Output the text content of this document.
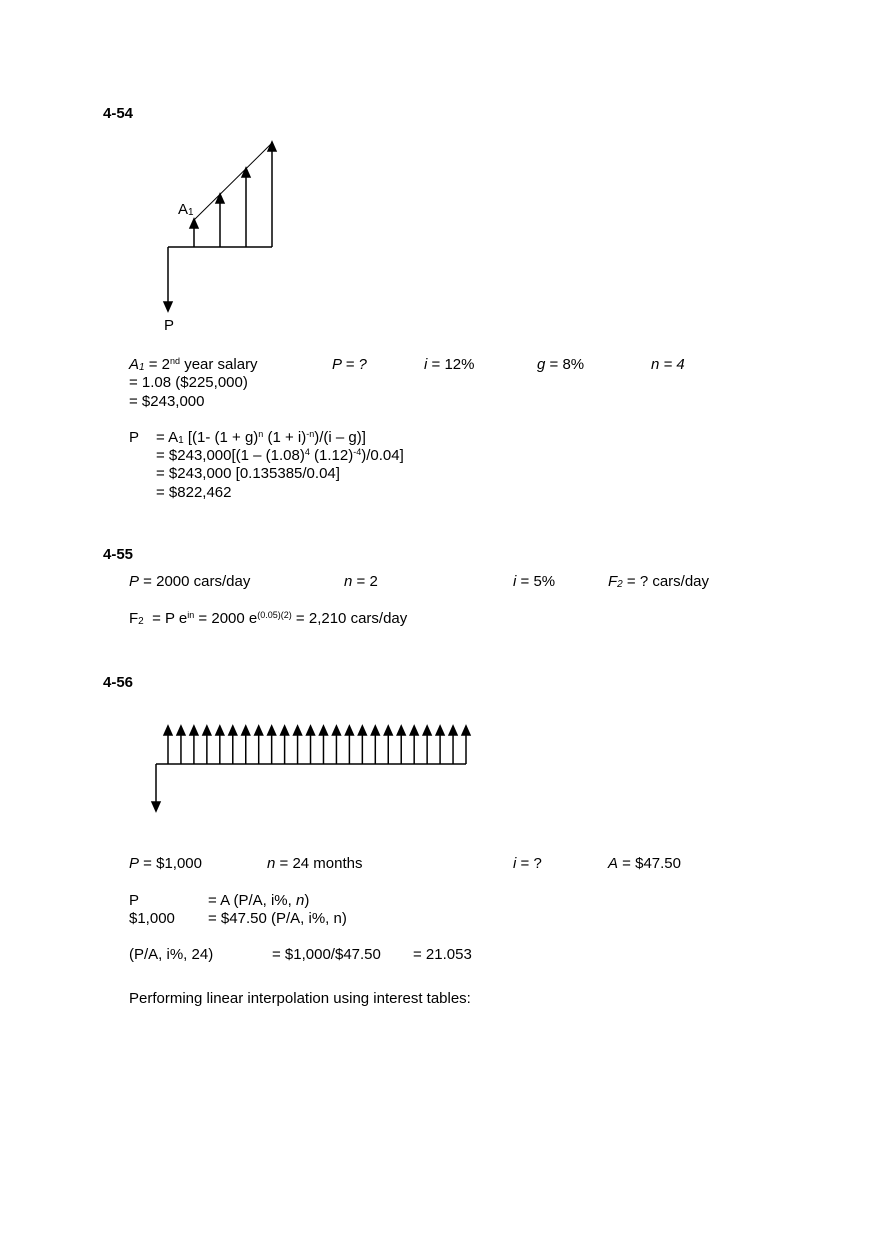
4-54
$A_1$
P
$A_1 = 2nd$ year salary	P = ?	i = 12%	g = 8%	n = 4
= 1.08 ($225,000)
= $243,000
$P = A_1$ [(1- $(1 + g)^n$ $(1 + i)^{-n})/(i - g)$]
= $243,000[(1 – $(1.08)^4$ $(1.12)^{-4})/0.04$]
= $243,000 [0.135385/0.04]
= $822,462
4-55
P = 2000 cars/day	n = 2	i = 5%	$F_2$ = ? cars/day
$F_2 = P$ $e^{in} = 2000$ $e^{(0.05)(2)} = 2,210$ cars/day
4-56
P = $1,000	n = 24 months	i = ?	A = $47.50
P	= A (P/A, i%, n)
$1,000 = $47.50 (P/A, i%, n)
(P/A, i%, 24)	= $1,000/$47.50 = 21.053
Performing linear interpolation using interest tables:
